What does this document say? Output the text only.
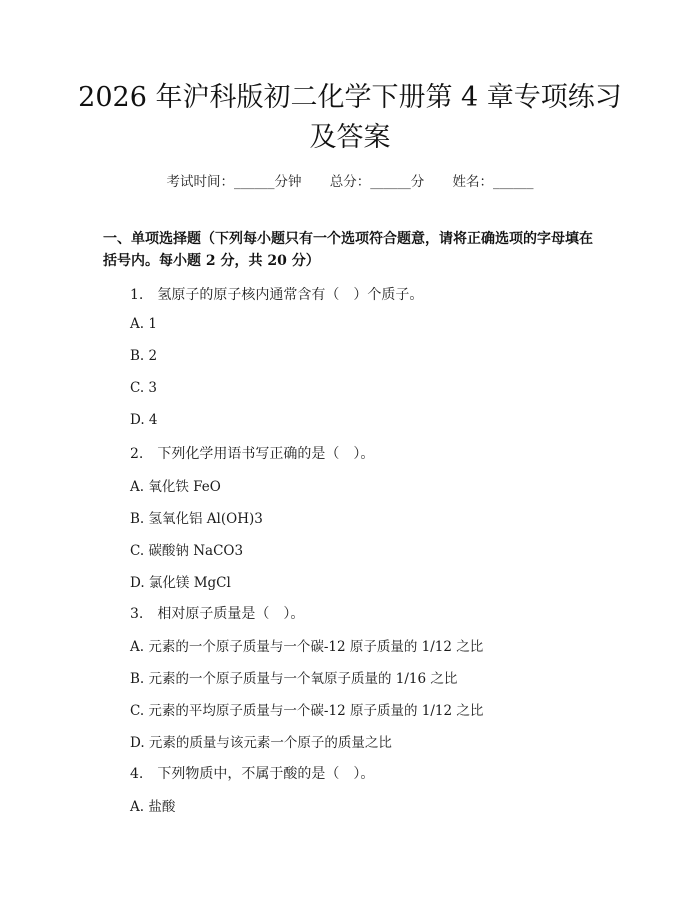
2026 年沪科版初二化学下册第 4 章专项练习
及答案
考试时间：______分钟 总分：______分 姓名：______
一、单项选择题（下列每小题只有一个选项符合题意，请将正确选项的字母填在括号内。每小题 2 分，共 20 分）
1.　氢原子的原子核内通常含有（　）个质子。
A. 1
B. 2
C. 3
D. 4
2.　下列化学用语书写正确的是（　）。
A. 氧化铁 FeO
B. 氢氧化铝 Al(OH)3
C. 碳酸钠 NaCO3
D. 氯化镁 MgCl
3.　相对原子质量是（　）。
A. 元素的一个原子质量与一个碳-12 原子质量的 1/12 之比
B. 元素的一个原子质量与一个氧原子质量的 1/16 之比
C. 元素的平均原子质量与一个碳-12 原子质量的 1/12 之比
D. 元素的质量与该元素一个原子的质量之比
4.　下列物质中，不属于酸的是（　）。
A. 盐酸
